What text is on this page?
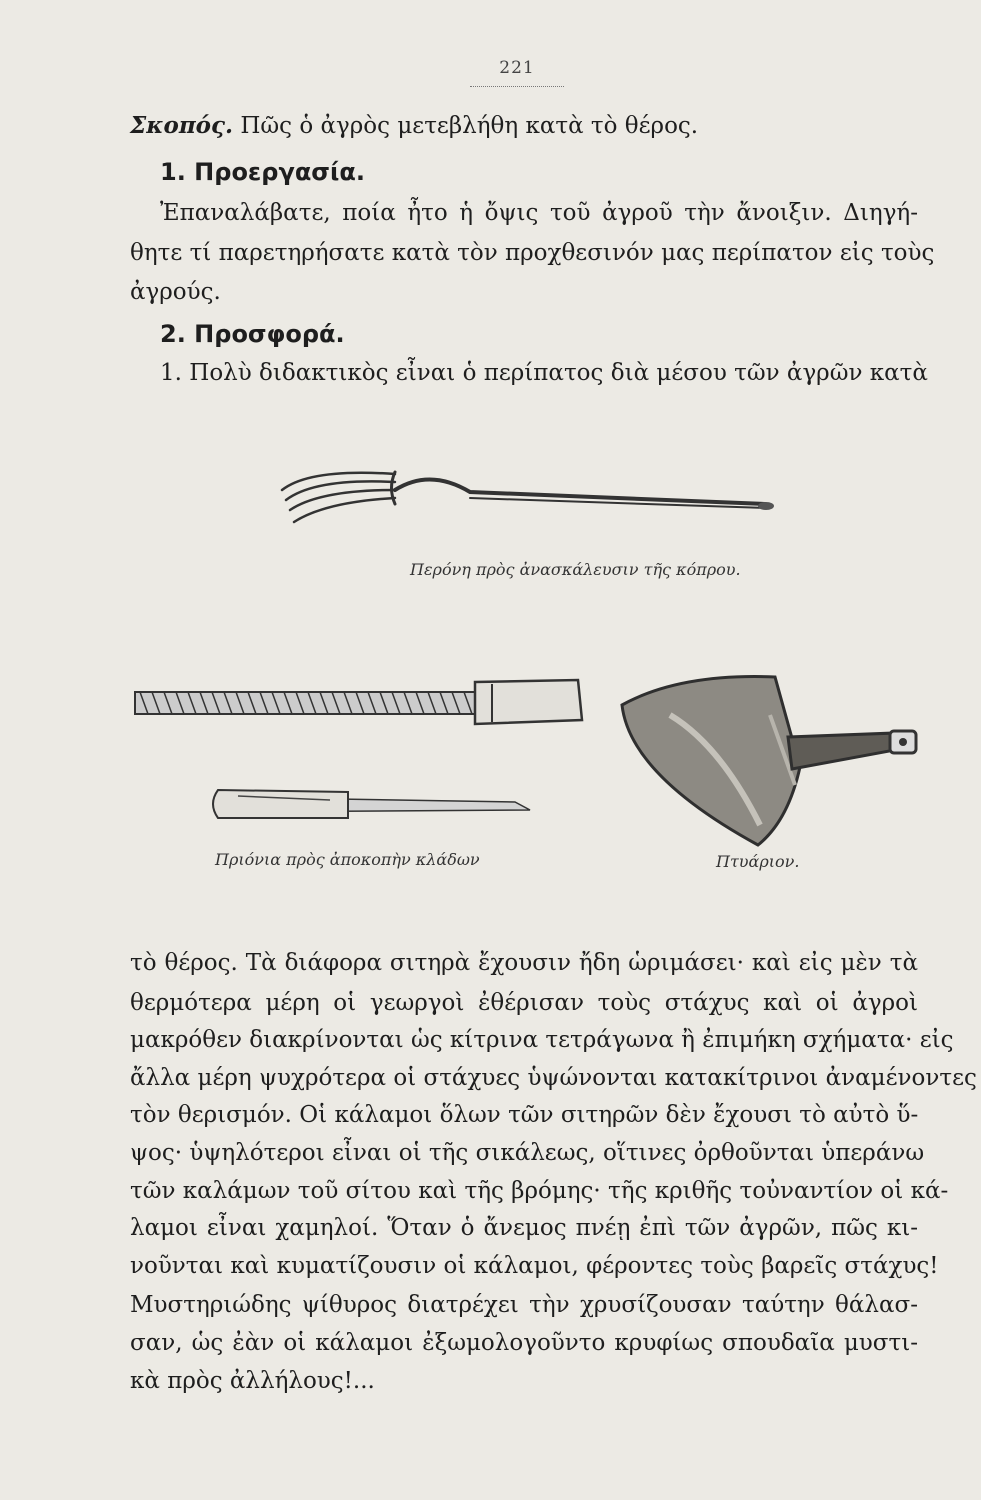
221
Σκοπός. Πῶς ὁ ἀγρὸς μετεβλήθη κατὰ τὸ θέρος.
1. Προεργασία.
Ἐπαναλάβατε, ποία ἦτο ἡ ὄψις τοῦ ἀγροῦ τὴν ἄνοιξιν. Διηγή-
θητε τί παρετηρήσατε κατὰ τὸν προχθεσινόν μας περίπατον εἰς τοὺς
ἀγρούς.
2. Προσφορά.
1. Πολὺ διδακτικὸς εἶναι ὁ περίπατος διὰ μέσου τῶν ἀγρῶν κατὰ
Περόνη πρὸς ἀνασκάλευσιν τῆς κόπρου.
Πριόνια πρὸς ἀποκοπὴν κλάδων	Πτυάριον.
τὸ θέρος. Τὰ διάφορα σιτηρὰ ἔχουσιν ἤδη ὡριμάσει· καὶ εἰς μὲν τὰ
θερμότερα μέρη οἱ γεωργοὶ ἐθέρισαν τοὺς στάχυς καὶ οἱ ἀγροὶ
μακρόθεν διακρίνονται ὡς κίτρινα τετράγωνα ἢ ἐπιμήκη σχήματα· εἰς
ἄλλα μέρη ψυχρότερα οἱ στάχυες ὑψώνονται κατακίτρινοι ἀναμένοντες
τὸν θερισμόν. Οἱ κάλαμοι ὅλων τῶν σιτηρῶν δὲν ἔχουσι τὸ αὐτὸ ὕ-
ψος· ὑψηλότεροι εἶναι οἱ τῆς σικάλεως, οἵτινες ὀρθοῦνται ὑπεράνω
τῶν καλάμων τοῦ σίτου καὶ τῆς βρόμης· τῆς κριθῆς τοὐναντίον οἱ κά-
λαμοι εἶναι χαμηλοί. Ὅταν ὁ ἄνεμος πνέῃ ἐπὶ τῶν ἀγρῶν, πῶς κι-
νοῦνται καὶ κυματίζουσιν οἱ κάλαμοι, φέροντες τοὺς βαρεῖς στάχυς!
Μυστηριώδης ψίθυρος διατρέχει τὴν χρυσίζουσαν ταύτην θάλασ-
σαν, ὡς ἐὰν οἱ κάλαμοι ἐξωμολογοῦντο κρυφίως σπουδαῖα μυστι-
κὰ πρὸς ἀλλήλους!...
